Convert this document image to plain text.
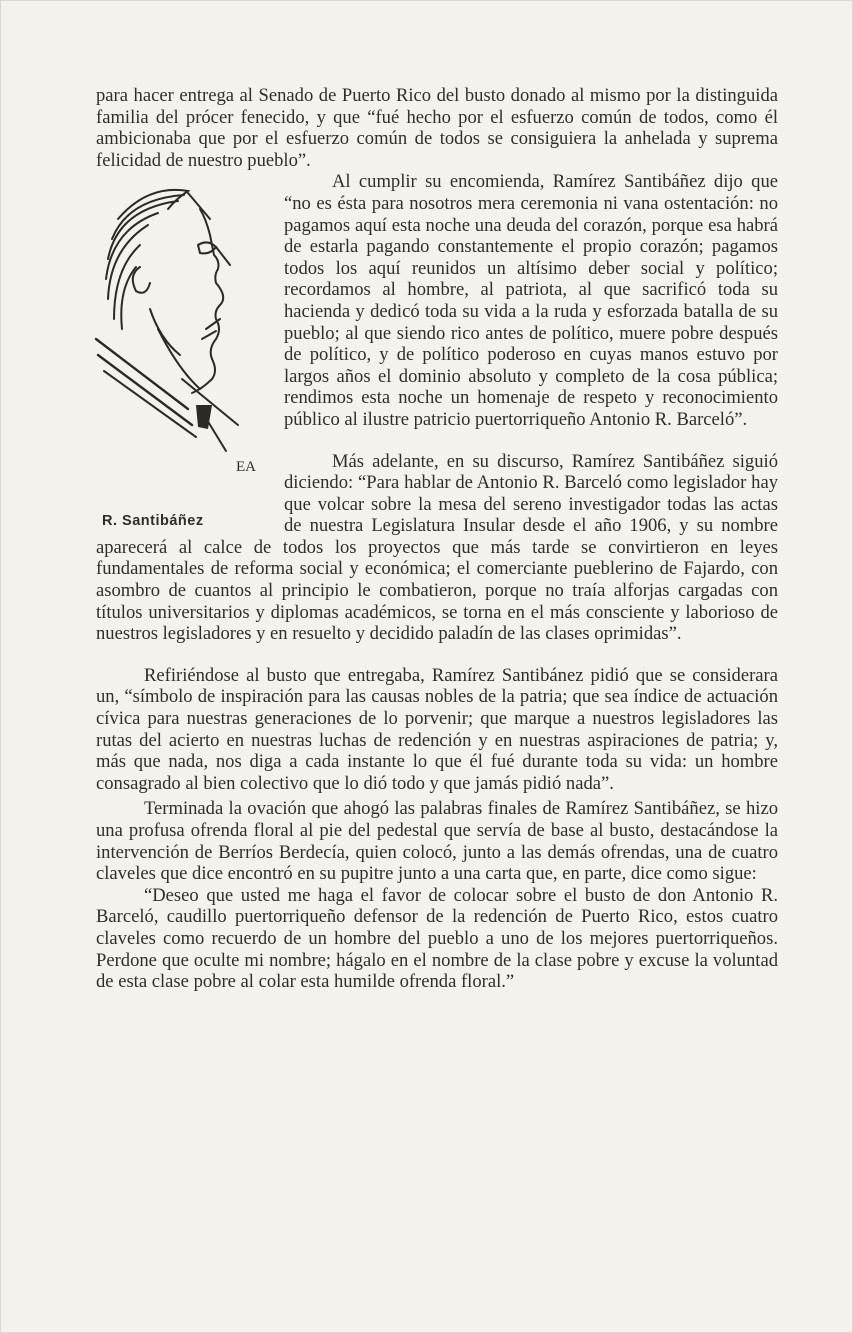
para hacer entrega al Senado de Puerto Rico del busto donado al mismo por la distinguida familia del prócer fenecido, y que “fué hecho por el esfuerzo común de todos, como él ambicionaba que por el esfuerzo común de todos se consiguiera la anhelada y suprema felicidad de nuestro pueblo”.

EA
R. Santibáñez

Al cumplir su encomienda, Ramírez Santibáñez dijo que “no es ésta para nosotros mera ceremonia ni vana ostentación: no pagamos aquí esta noche una deuda del corazón, porque esa habrá de estarla pagando constantemente el propio corazón; pagamos todos los aquí reunidos un altísimo deber social y político; recordamos al hombre, al patriota, al que sacrificó toda su hacienda y dedicó toda su vida a la ruda y esforzada batalla de su pueblo; al que siendo rico antes de político, muere pobre después de político, y de político poderoso en cuyas manos estuvo por largos años el dominio absoluto y completo de la cosa pública; rendimos esta noche un homenaje de respeto y reconocimiento público al ilustre patricio puertorriqueño Antonio R. Barceló”.

Más adelante, en su discurso, Ramírez Santibáñez siguió diciendo: “Para hablar de Antonio R. Barceló como legislador hay que volcar sobre la mesa del sereno investigador todas las actas de nuestra Legislatura Insular desde el año 1906, y su nombre aparecerá al calce de todos los proyectos que más tarde se convirtieron en leyes fundamentales de reforma social y económica; el comerciante pueblerino de Fajardo, con asombro de cuantos al principio le combatieron, porque no traía alforjas cargadas con títulos universitarios y diplomas académicos, se torna en el más consciente y laborioso de nuestros legisladores y en resuelto y decidido paladín de las clases oprimidas”.

Refiriéndose al busto que entregaba, Ramírez Santibánez pidió que se considerara un, “símbolo de inspiración para las causas nobles de la patria; que sea índice de actuación cívica para nuestras generaciones de lo porvenir; que marque a nuestros legisladores las rutas del acierto en nuestras luchas de redención y en nuestras aspiraciones de patria; y, más que nada, nos diga a cada instante lo que él fué durante toda su vida: un hombre consagrado al bien colectivo que lo dió todo y que jamás pidió nada”.

Terminada la ovación que ahogó las palabras finales de Ramírez Santibáñez, se hizo una profusa ofrenda floral al pie del pedestal que servía de base al busto, destacándose la intervención de Berríos Berdecía, quien colocó, junto a las demás ofrendas, una de cuatro claveles que dice encontró en su pupitre junto a una carta que, en parte, dice como sigue:

“Deseo que usted me haga el favor de colocar sobre el busto de don Antonio R. Barceló, caudillo puertorriqueño defensor de la redención de Puerto Rico, estos cuatro claveles como recuerdo de un hombre del pueblo a uno de los mejores puertorriqueños. Perdone que oculte mi nombre; hágalo en el nombre de la clase pobre y excuse la voluntad de esta clase pobre al colar esta humilde ofrenda floral.”
